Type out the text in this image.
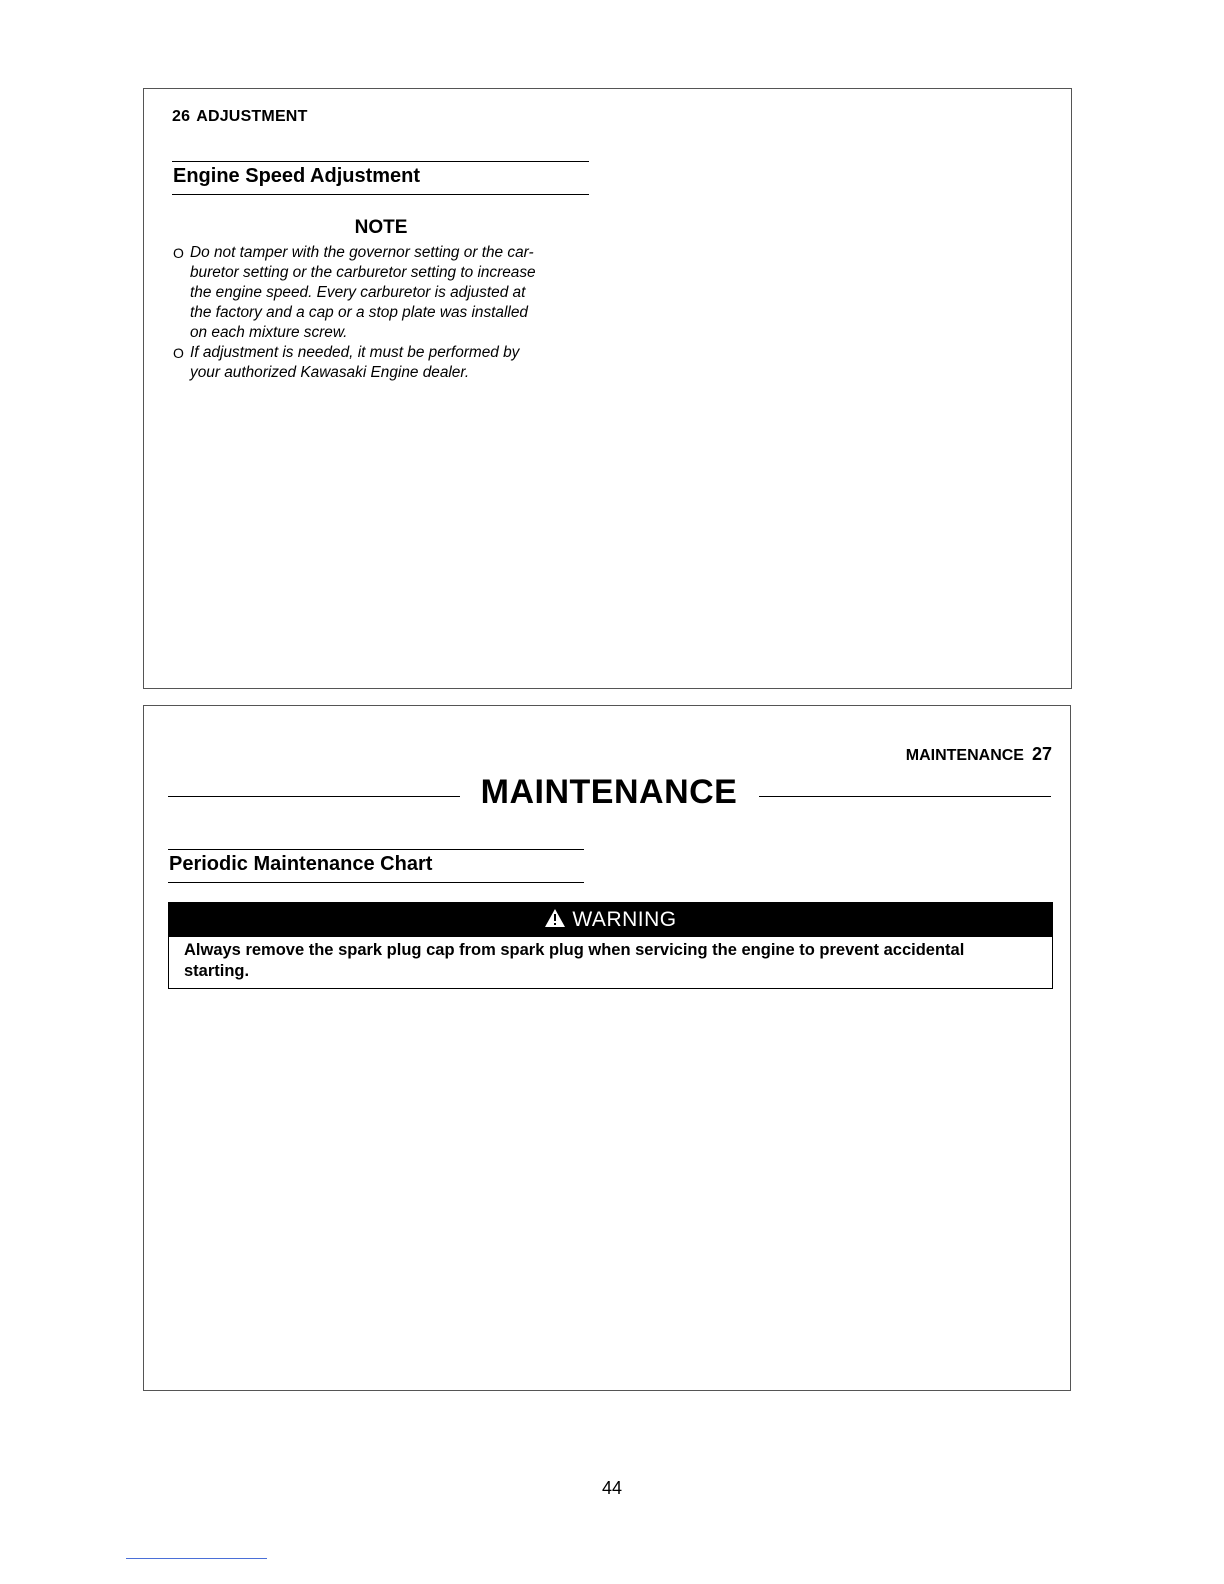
26 ADJUSTMENT
Engine Speed Adjustment
NOTE
O Do not tamper with the governor setting or the car-
buretor setting or the carburetor setting to increase
the engine speed. Every carburetor is adjusted at
the factory and a cap or a stop plate was installed
on each mixture screw.
O If adjustment is needed, it must be performed by
your authorized Kawasaki Engine dealer.
MAINTENANCE 27
MAINTENANCE
Periodic Maintenance Chart
WARNING
Always remove the spark plug cap from spark plug when servicing the engine to prevent accidental
starting.
44
